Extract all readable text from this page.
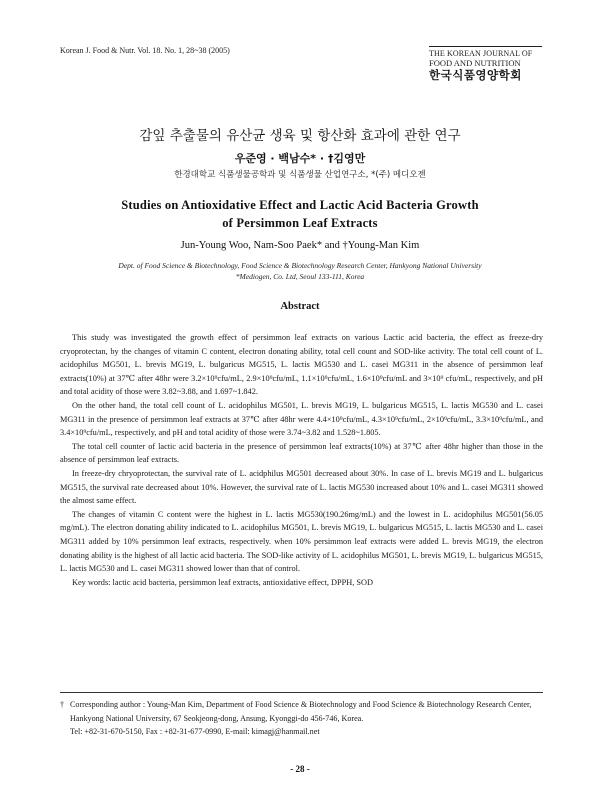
Korean J. Food & Nutr. Vol. 18. No. 1, 28~38 (2005)	THE KOREAN JOURNAL OF
FOOD AND NUTRITION
한국식품영양학회
감잎 추출물의 유산균 생육 및 항산화 효과에 관한 연구
우준영 · 백남수* · †김영만
한경대학교 식품생물공학과 및 식품생물 산업연구소, *(주) 메디오젠
Studies on Antioxidative Effect and Lactic Acid Bacteria Growth
of Persimmon Leaf Extracts
Jun-Young Woo, Nam-Soo Paek* and †Young-Man Kim
Dept. of Food Science & Biotechnology, Food Science & Biotechnology Research Center, Hankyong National University
*Mediogen, Co. Ltd, Seoul 133-111, Korea
Abstract

This study was investigated the growth effect of persimmon leaf extracts on various Lactic acid bacteria, the effect as freeze-dry cryoprotectan, by the changes of vitamin C content, electron donating ability, total cell count and SOD-like activity. The total cell count of L. acidophilus MG501, L. brevis MG19, L. bulgaricus MG515, L. lactis MG530 and L. casei MG311 in the absence of persimmon leaf extracts(10%) at 37℃ after 48hr were 3.2×10⁹cfu/mL, 2.9×10⁹cfu/mL, 1.1×10⁹cfu/mL, 1.6×10⁹cfu/mL and 3×10⁹ cfu/mL, respectively, and pH and total acidity of those were 3.82~3.88, and 1.697~1.842.

On the other hand, the total cell count of L. acidophilus MG501, L. brevis MG19, L. bulgaricus MG515, L. lactis MG530 and L. casei MG311 in the presence of persimmon leaf extracts at 37℃ after 48hr were 4.4×10⁹cfu/mL, 4.3×10⁹cfu/mL, 2×10⁹cfu/mL, 3.3×10⁹cfu/mL, and 3.4×10⁹cfu/mL, respectively, and pH and total acidity of those were 3.74~3.82 and 1.528~1.805.

The total cell counter of lactic acid bacteria in the presence of persimmon leaf extracts(10%) at 37℃ after 48hr higher than those in the absence of persimmon leaf extracts.

In freeze-dry chryoprotectan, the survival rate of L. acidphilus MG501 decreased about 30%. In case of L. brevis MG19 and L. bulgaricus MG515, the survival rate decreased about 10%. However, the survival rate of L. lactis MG530 increased about 10% and L. casei MG311 showed the almost same effect.

The changes of vitamin C content were the highest in L. lactis MG530(190.26mg/mL) and the lowest in L. acidophilus MG501(56.05 mg/mL). The electron donating ability indicated to L. acidophilus MG501, L. brevis MG19, L. bulgaricus MG515, L. lactis MG530 and L. casei MG311 added by 10% persimmon leaf extracts, respectively. when 10% persimmon leaf extracts were added L. brevis MG19, the electron donating ability is the highest of all lactic acid bacteria. The SOD-like activity of L. acidophilus MG501, L. brevis MG19, L. bulgaricus MG515, L. lactis MG530 and L. casei MG311 showed lower than that of control.

Key words: lactic acid bacteria, persimmon leaf extracts, antioxidative effect, DPPH, SOD

† Corresponding author : Young-Man Kim, Department of Food Science & Biotechnology and Food Science & Biotechnology Research Center, Hankyong National University, 67 Seokjeong-dong, Ansung, Kyonggi-do 456-746, Korea.
Tel: +82-31-670-5150, Fax : +82-31-677-0990, E-mail: kimagj@hanmail.net
- 28 -
